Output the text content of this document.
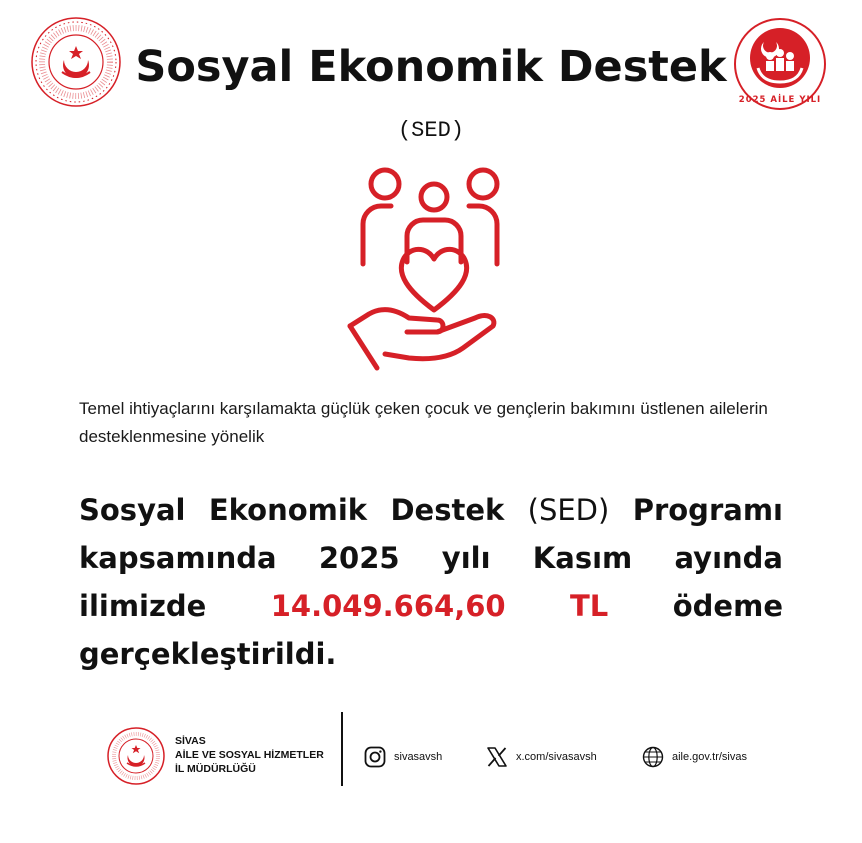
2025 AİLE YILI
Sosyal Ekonomik Destek
(SED)
Temel ihtiyaçlarını karşılamakta güçlük çeken çocuk ve gençlerin bakımını üstlenen ailelerin desteklenmesine yönelik
Sosyal Ekonomik Destek (SED) Programı kapsamında 2025 yılı Kasım ayında ilimizde 14.049.664,60 TL ödeme gerçekleştirildi.
SİVAS
AİLE VE SOSYAL HİZMETLER
İL MÜDÜRLÜĞÜ
sivasavsh	x.com/sivasavsh	aile.gov.tr/sivas
